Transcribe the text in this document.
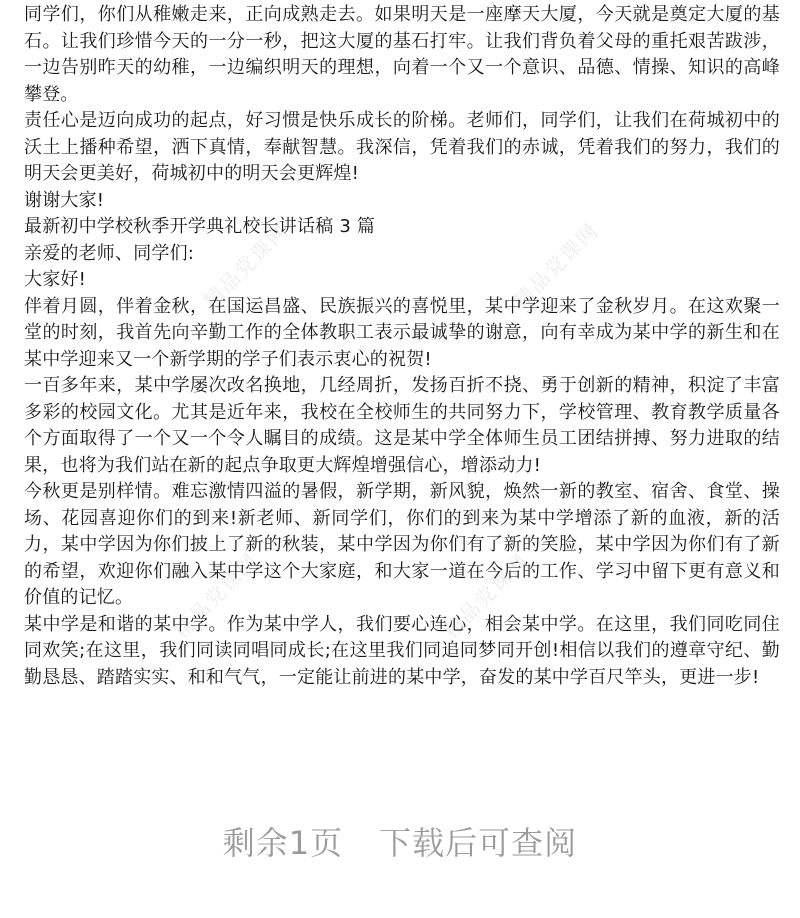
精品党课网	精品党课网
精品党课网	精品党课网

同学们，你们从稚嫩走来，正向成熟走去。如果明天是一座摩天大厦，今天就是奠定大厦的基石。让我们珍惜今天的一分一秒，把这大厦的基石打牢。让我们背负着父母的重托艰苦跋涉，一边告别昨天的幼稚，一边编织明天的理想，向着一个又一个意识、品德、情操、知识的高峰攀登。

责任心是迈向成功的起点，好习惯是快乐成长的阶梯。老师们，同学们，让我们在荷城初中的沃土上播种希望，洒下真情，奉献智慧。我深信，凭着我们的赤诚，凭着我们的努力，我们的明天会更美好，荷城初中的明天会更辉煌!

谢谢大家!

最新初中学校秋季开学典礼校长讲话稿 3 篇

亲爱的老师、同学们:

大家好!

伴着月圆，伴着金秋，在国运昌盛、民族振兴的喜悦里，某中学迎来了金秋岁月。在这欢聚一堂的时刻，我首先向辛勤工作的全体教职工表示最诚挚的谢意，向有幸成为某中学的新生和在某中学迎来又一个新学期的学子们表示衷心的祝贺!

一百多年来，某中学屡次改名换地，几经周折，发扬百折不挠、勇于创新的精神，积淀了丰富多彩的校园文化。尤其是近年来，我校在全校师生的共同努力下，学校管理、教育教学质量各个方面取得了一个又一个令人瞩目的成绩。这是某中学全体师生员工团结拼搏、努力进取的结果，也将为我们站在新的起点争取更大辉煌增强信心，增添动力!

今秋更是别样情。难忘激情四溢的暑假，新学期，新风貌，焕然一新的教室、宿舍、食堂、操场、花园喜迎你们的到来!新老师、新同学们，你们的到来为某中学增添了新的血液，新的活力，某中学因为你们披上了新的秋装，某中学因为你们有了新的笑脸，某中学因为你们有了新的希望，欢迎你们融入某中学这个大家庭，和大家一道在今后的工作、学习中留下更有意义和价值的记忆。

某中学是和谐的某中学。作为某中学人，我们要心连心，相会某中学。在这里，我们同吃同住同欢笑;在这里，我们同读同唱同成长;在这里我们同追同梦同开创!相信以我们的遵章守纪、勤勤恳恳、踏踏实实、和和气气，一定能让前进的某中学，奋发的某中学百尺竿头，更进一步!

剩余1页 下载后可查阅
